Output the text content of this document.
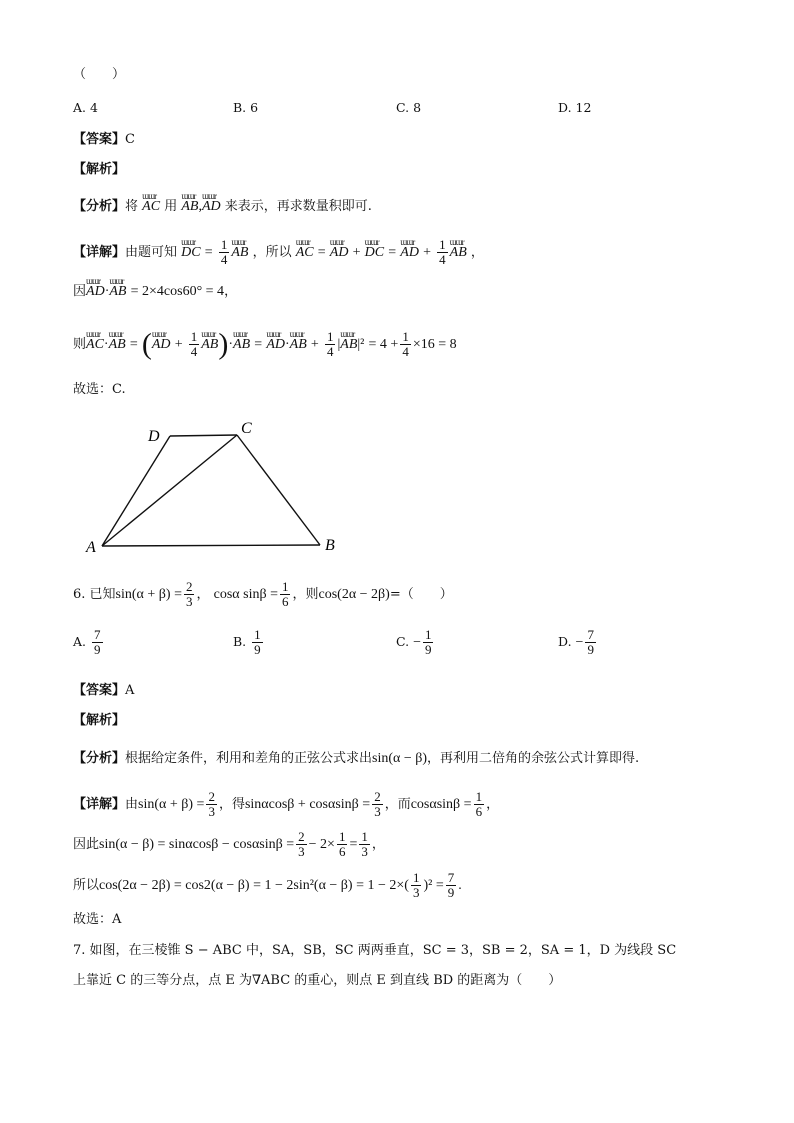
（　　）
A. 4	B. 6	C. 8	D. 12
【答案】C
【解析】
【分析】将 ɯɯr AC 用 ɯɯr AB,ɯɯr AD 来表示，再求数量积即可.
【详解】由题可知 ɯɯr DC = $\frac{1}{4}$ ɯɯr AB ，所以 ɯɯr AC = ɯɯr AD + ɯɯr DC = ɯɯr AD + $\frac{1}{4}$ ɯɯr AB ，
因ɯɯr AD·ɯɯr AB = 2×4cos60° = 4，
则ɯɯr AC·ɯɯr AB = (ɯɯr AD + $\frac{1}{4}$ ɯɯr AB)·ɯɯr AB = ɯɯr AD·ɯɯr AB + $\frac{1}{4}$ |ɯɯr $AB|^2 = 4 + \frac{1}{4} \times 16 = 8$
故选：C.
A	B
C
D
6. 已知$\sin(\alpha + \beta) = \frac{2}{3}$ ， cosα $\sin\beta = \frac{1}{6}$ ，则cos(2α − 2β)=（　　）
A. $\frac{7}{9}$	B. $\frac{1}{9}$	C. − $\frac{1}{9}$	D. − $\frac{7}{9}$
【答案】A
【解析】
【分析】根据给定条件，利用和差角的正弦公式求出sin(α − β)，再利用二倍角的余弦公式计算即得.
【详解】由$\sin(\alpha + \beta) = \frac{2}{3}$ ，得$\sin\alpha\cos\beta + \cos\alpha\sin\beta = \frac{2}{3}$ ，而$\cos\alpha\sin\beta = \frac{1}{6}$ ，
因此$\sin(\alpha - \beta) = \sin\alpha\cos\beta - \cos\alpha\sin\beta = \frac{2}{3} - 2\times \frac{1}{6} = \frac{1}{3}$ ，
所以$\cos(2\alpha - 2\beta) = \cos 2(\alpha - \beta) = 1 - 2\sin^2(\alpha - \beta) = 1 - 2\times( \frac{1}{3} )^2 = \frac{7}{9}$ .
故选：A
7. 如图，在三棱锥 S − ABC 中，SA，SB，SC 两两垂直，SC = 3，SB = 2，SA = 1，D 为线段 SC
上靠近 C 的三等分点，点 E 为∇ABC 的重心，则点 E 到直线 BD 的距离为（　　）
